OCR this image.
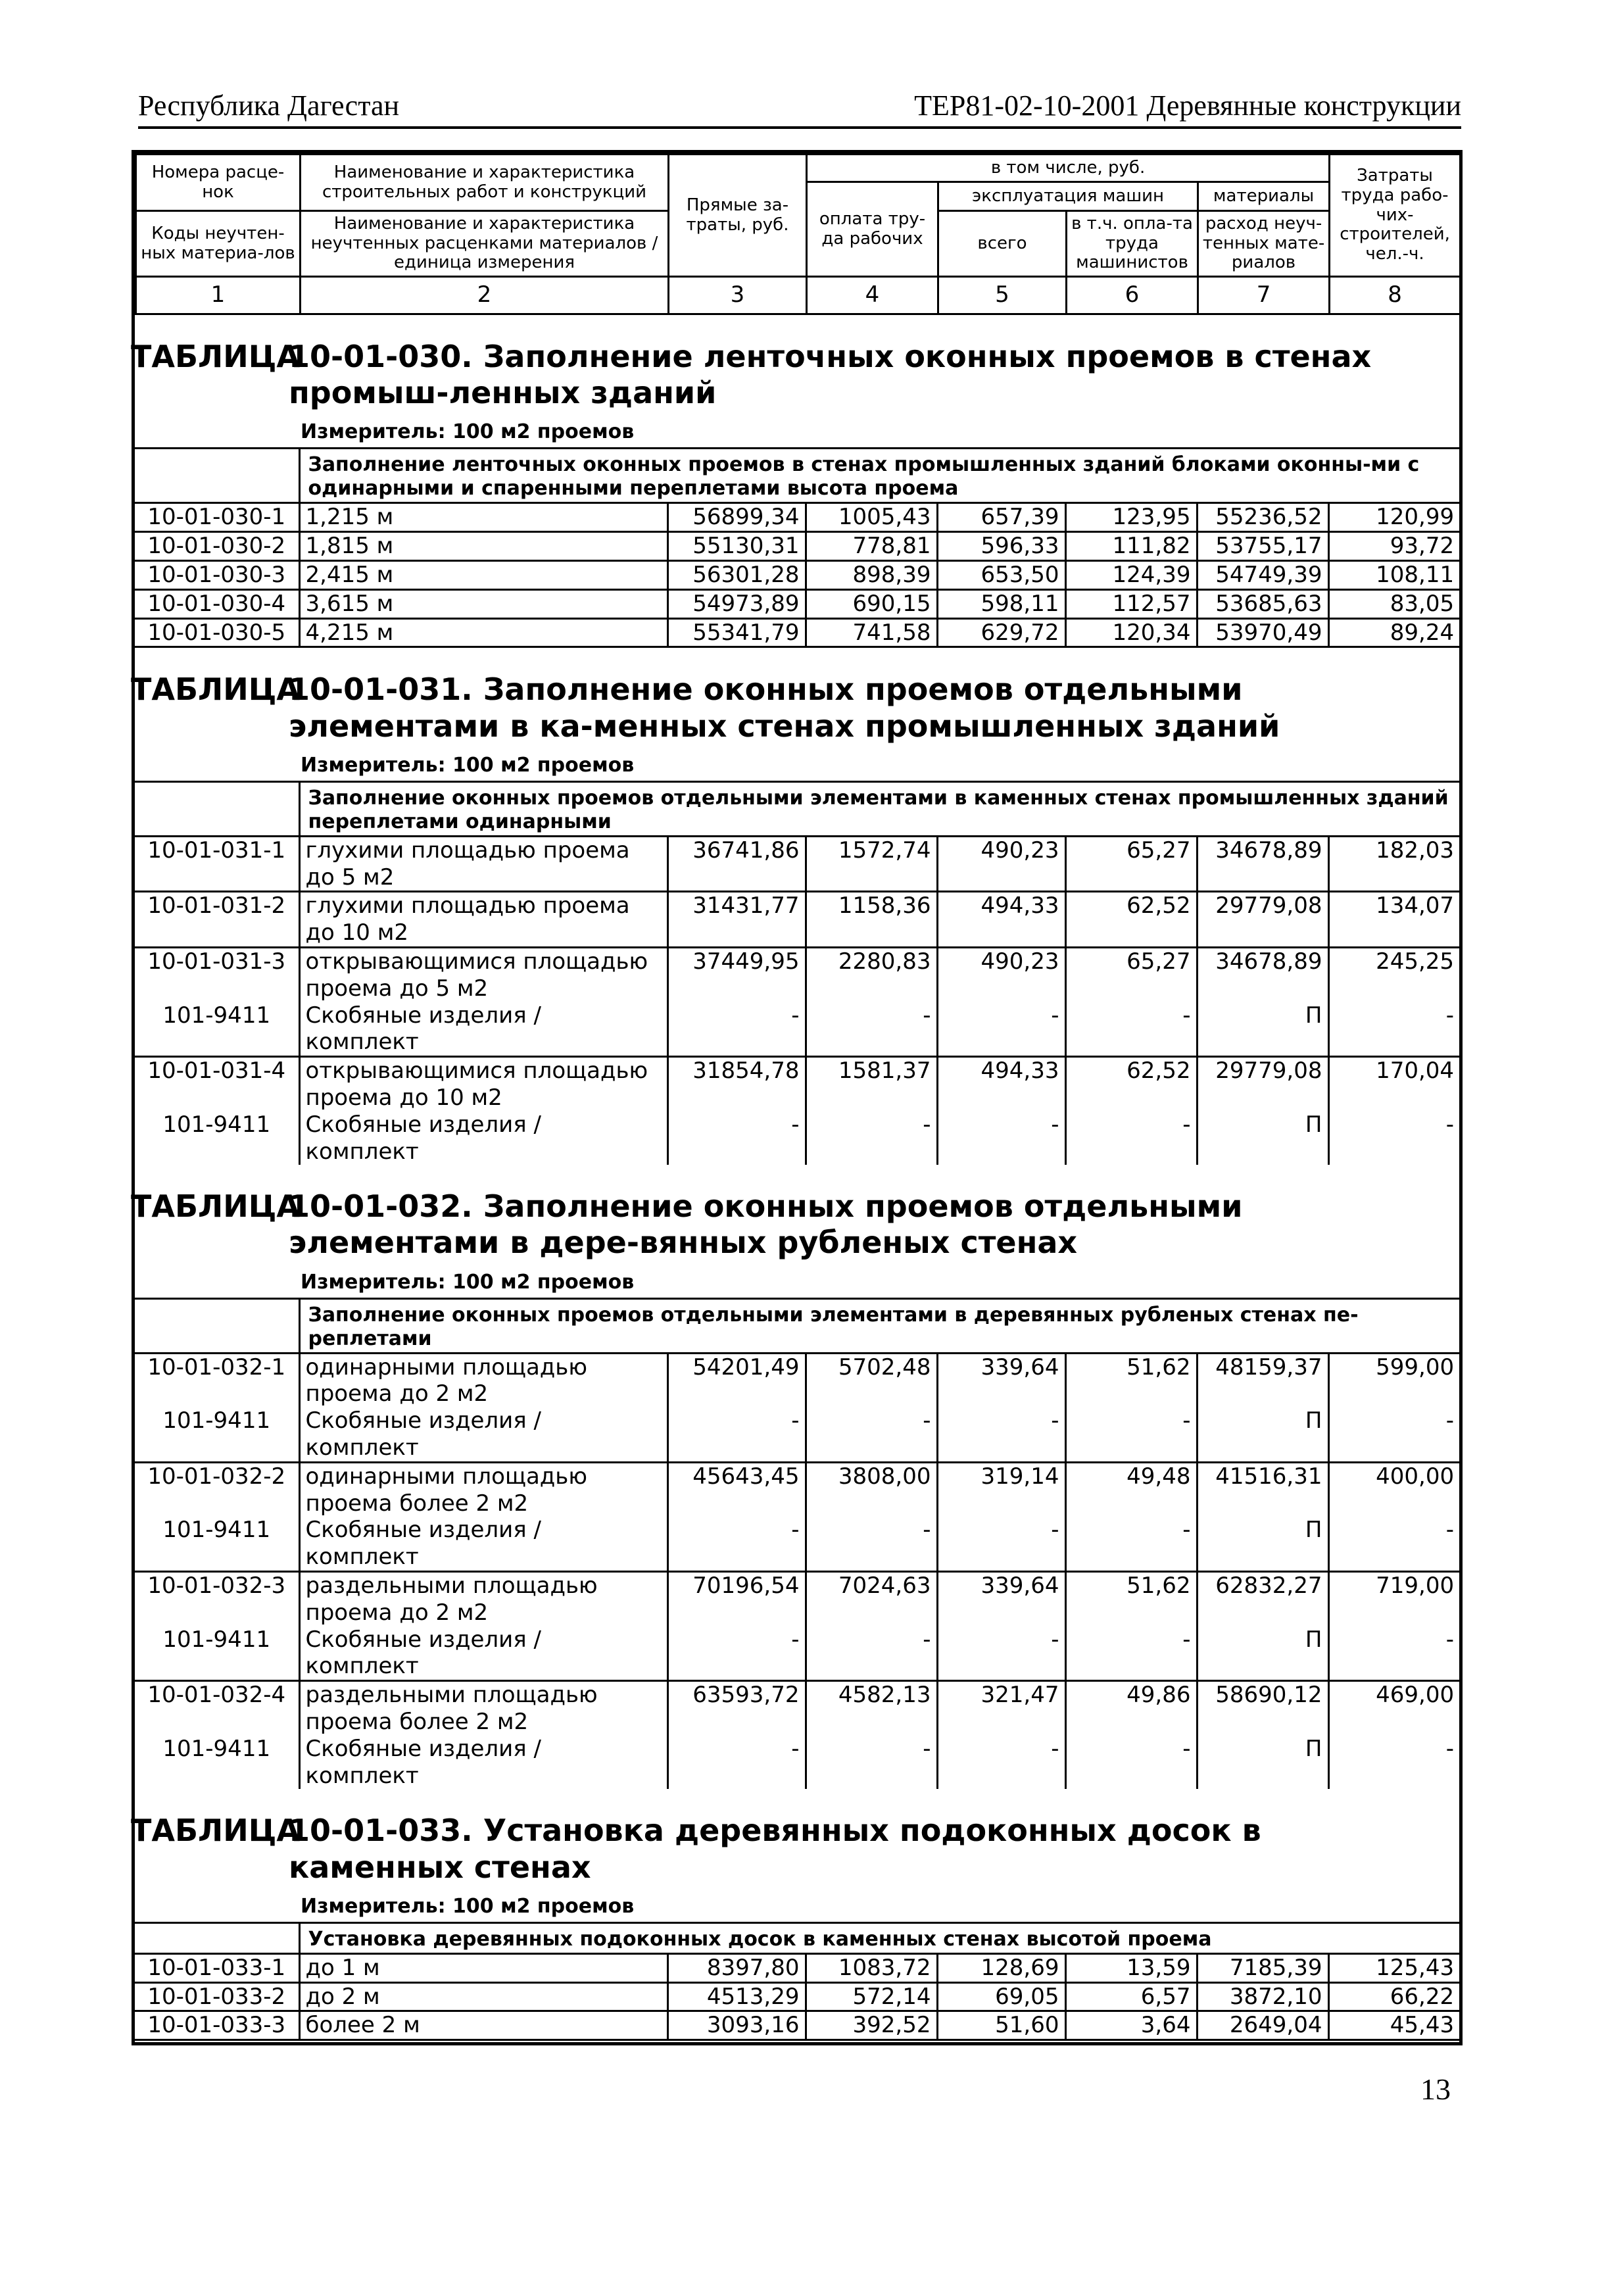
Республика Дагестан	ТЕР81-02-10-2001 Деревянные конструкции
Номера расце-нок	Наименование и характеристика строительных работ и конструкций	Прямые за-траты, руб.	в том числе, руб.				Затраты труда рабо-чих-строителей, чел.-ч.
			оплата тру-да рабочих	эксплуатация машин		материалы	
Коды неучтен-ных материа-лов	Наименование и характеристика неучтенных расценками материалов / единица измерения			всего	в т.ч. опла-та труда машинистов	расход неуч-тенных мате-риалов	

1	2	3	4	5	6	7	8
ТАБЛИЦА
10-01-030. Заполнение ленточных оконных проемов в стенах промыш-ленных зданий
Измеритель: 100 м2 проемов
	Заполнение ленточных оконных проемов в стенах промышленных зданий блоками оконны-ми с одинарными и спаренными переплетами высота проема						
10-01-030-1	1,215 м	56899,34	1005,43	657,39	123,95	55236,52	120,99
10-01-030-2	1,815 м	55130,31	778,81	596,33	111,82	53755,17	93,72
10-01-030-3	2,415 м	56301,28	898,39	653,50	124,39	54749,39	108,11
10-01-030-4	3,615 м	54973,89	690,15	598,11	112,57	53685,63	83,05
10-01-030-5	4,215 м	55341,79	741,58	629,72	120,34	53970,49	89,24
ТАБЛИЦА
10-01-031. Заполнение оконных проемов отдельными элементами в ка-менных стенах промышленных зданий
Измеритель: 100 м2 проемов
	Заполнение оконных проемов отдельными элементами в каменных стенах промышленных зданий переплетами одинарными						
10-01-031-1	глухими площадью проема до 5 м2	36741,86	1572,74	490,23	65,27	34678,89	182,03
10-01-031-2	глухими площадью проема до 10 м2	31431,77	1158,36	494,33	62,52	29779,08	134,07
10-01-031-3	открывающимися площадью проема до 5 м2	37449,95	2280,83	490,23	65,27	34678,89	245,25
101-9411	Скобяные изделия / комплект	-	-	-	-	П	-
10-01-031-4	открывающимися площадью проема до 10 м2	31854,78	1581,37	494,33	62,52	29779,08	170,04
101-9411	Скобяные изделия / комплект	-	-	-	-	П	-
ТАБЛИЦА
10-01-032. Заполнение оконных проемов отдельными элементами в дере-вянных рубленых стенах
Измеритель: 100 м2 проемов
	Заполнение оконных проемов отдельными элементами в деревянных рубленых стенах пе-реплетами						
10-01-032-1	одинарными площадью проема до 2 м2	54201,49	5702,48	339,64	51,62	48159,37	599,00
101-9411	Скобяные изделия / комплект	-	-	-	-	П	-
10-01-032-2	одинарными площадью проема более 2 м2	45643,45	3808,00	319,14	49,48	41516,31	400,00
101-9411	Скобяные изделия / комплект	-	-	-	-	П	-
10-01-032-3	раздельными площадью проема до 2 м2	70196,54	7024,63	339,64	51,62	62832,27	719,00
101-9411	Скобяные изделия / комплект	-	-	-	-	П	-
10-01-032-4	раздельными площадью проема более 2 м2	63593,72	4582,13	321,47	49,86	58690,12	469,00
101-9411	Скобяные изделия / комплект	-	-	-	-	П	-
ТАБЛИЦА
10-01-033. Установка деревянных подоконных досок в каменных стенах
Измеритель: 100 м2 проемов
	Установка деревянных подоконных досок в каменных стенах высотой проема						
10-01-033-1	до 1 м	8397,80	1083,72	128,69	13,59	7185,39	125,43
10-01-033-2	до 2 м	4513,29	572,14	69,05	6,57	3872,10	66,22
10-01-033-3	более 2 м	3093,16	392,52	51,60	3,64	2649,04	45,43
13
